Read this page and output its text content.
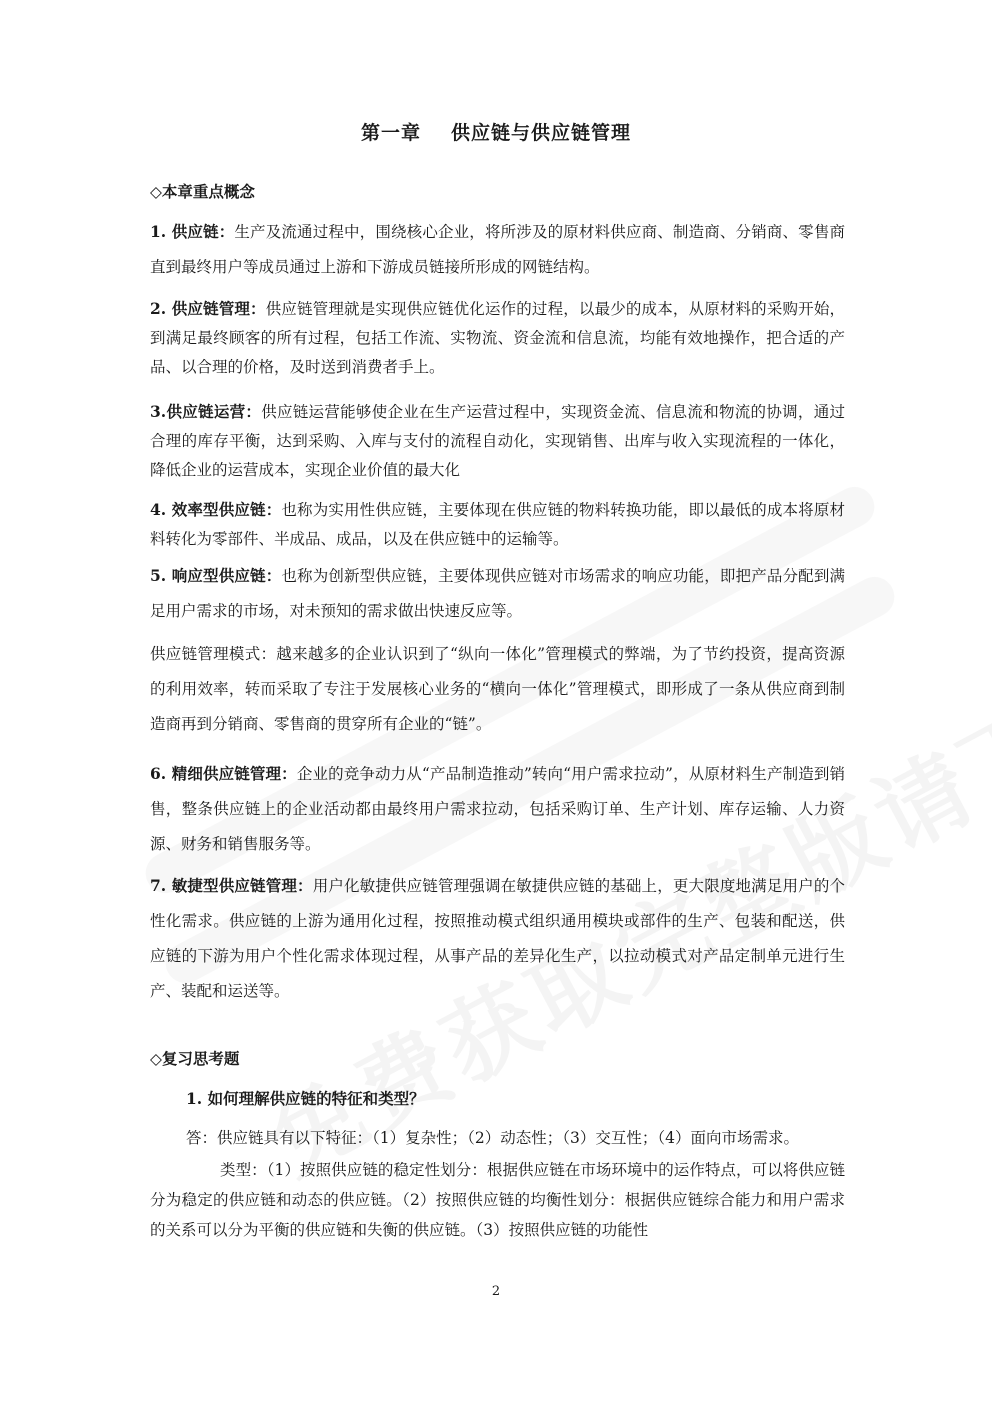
第一章 供应链与供应链管理
◇本章重点概念

1. 供应链：生产及流通过程中，围绕核心企业，将所涉及的原材料供应商、制造商、分销商、零售商直到最终用户等成员通过上游和下游成员链接所形成的网链结构。

2. 供应链管理：供应链管理就是实现供应链优化运作的过程，以最少的成本，从原材料的采购开始，到满足最终顾客的所有过程，包括工作流、实物流、资金流和信息流，均能有效地操作，把合适的产品、以合理的价格，及时送到消费者手上。

3.供应链运营：供应链运营能够使企业在生产运营过程中，实现资金流、信息流和物流的协调，通过合理的库存平衡，达到采购、入库与支付的流程自动化，实现销售、出库与收入实现流程的一体化，降低企业的运营成本，实现企业价值的最大化

4. 效率型供应链：也称为实用性供应链，主要体现在供应链的物料转换功能，即以最低的成本将原材料转化为零部件、半成品、成品，以及在供应链中的运输等。

5. 响应型供应链：也称为创新型供应链，主要体现供应链对市场需求的响应功能，即把产品分配到满足用户需求的市场，对未预知的需求做出快速反应等。

供应链管理模式：越来越多的企业认识到了“纵向一体化”管理模式的弊端，为了节约投资，提高资源的利用效率，转而采取了专注于发展核心业务的“横向一体化”管理模式，即形成了一条从供应商到制造商再到分销商、零售商的贯穿所有企业的“链”。

6. 精细供应链管理：企业的竞争动力从“产品制造推动”转向“用户需求拉动”，从原材料生产制造到销售，整条供应链上的企业活动都由最终用户需求拉动，包括采购订单、生产计划、库存运输、人力资源、财务和销售服务等。

7. 敏捷型供应链管理：用户化敏捷供应链管理强调在敏捷供应链的基础上，更大限度地满足用户的个性化需求。供应链的上游为通用化过程，按照推动模式组织通用模块或部件的生产、包装和配送，供应链的下游为用户个性化需求体现过程，从事产品的差异化生产，以拉动模式对产品定制单元进行生产、装配和运送等。

◇复习思考题
1. 如何理解供应链的特征和类型？

答：供应链具有以下特征：（1）复杂性；（2）动态性；（3）交互性；（4）面向市场需求。

类型：（1）按照供应链的稳定性划分：根据供应链在市场环境中的运作特点，可以将供应链分为稳定的供应链和动态的供应链。（2）按照供应链的均衡性划分：根据供应链综合能力和用户需求的关系可以分为平衡的供应链和失衡的供应链。（3）按照供应链的功能性

2
